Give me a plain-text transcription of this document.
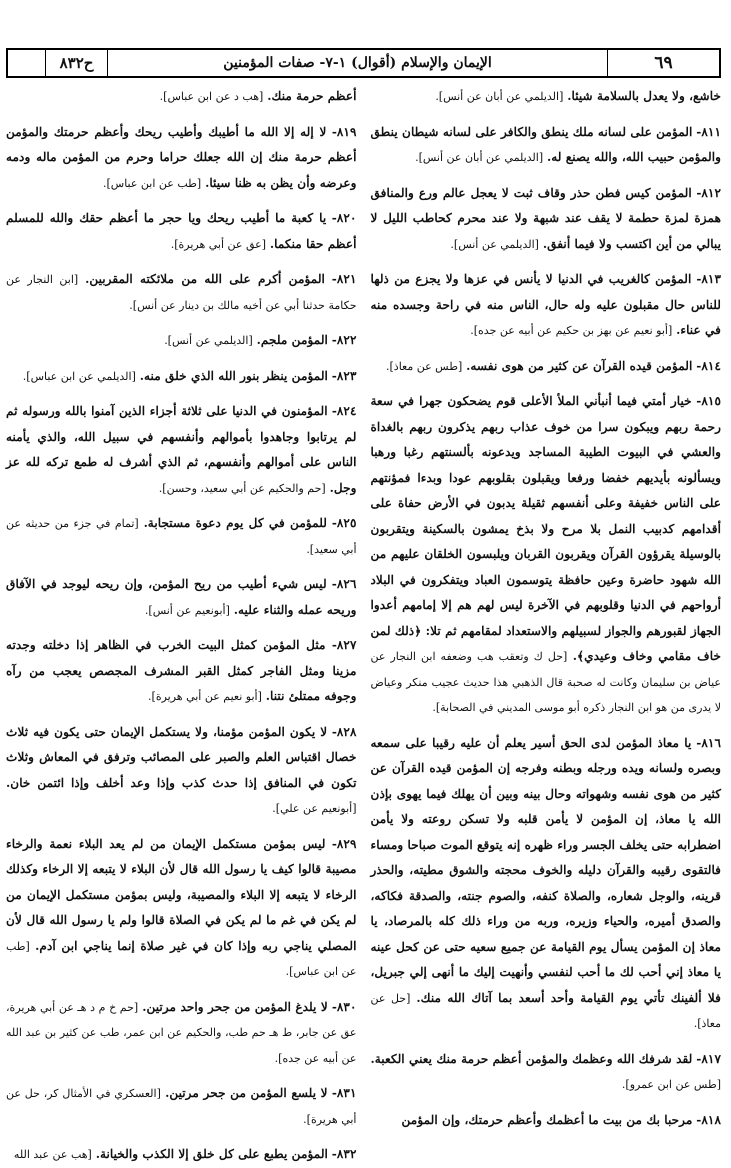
٦٩
الإيمان والإسلام (أقوال) ١-٧- صفات المؤمنين
ح٨٣٢
خاشع، ولا يعدل بالسلامة شيئا. [الديلمي عن أبان عن أنس].
٨١١- المؤمن على لسانه ملك ينطق والكافر على لسانه شيطان ينطق والمؤمن حبيب الله، والله يصنع له. [الديلمي عن أبان عن أنس].
٨١٢- المؤمن كيس فطن حذر وقاف ثبت لا يعجل عالم ورع والمنافق همزة لمزة حطمة لا يقف عند شبهة ولا عند محرم كحاطب الليل لا يبالي من أين اكتسب ولا فيما أنفق. [الديلمي عن أنس].
٨١٣- المؤمن كالغريب في الدنيا لا يأنس في عزها ولا يجزع من ذلها للناس حال مقبلون عليه وله حال، الناس منه في راحة وجسده منه في عناء. [أبو نعيم عن بهز بن حكيم عن أبيه عن جده].
٨١٤- المؤمن قيده القرآن عن كثير من هوى نفسه. [طس عن معاذ].
٨١٥- خيار أمتي فيما أنبأني الملأ الأعلى قوم يضحكون جهرا في سعة رحمة ربهم ويبكون سرا من خوف عذاب ربهم يذكرون ربهم بالغداة والعشي في البيوت الطيبة المساجد ويدعونه بألسنتهم رغبا ورهبا ويسألونه بأيديهم خفضا ورفعا ويقبلون بقلوبهم عودا وبدءا فمؤنتهم على الناس خفيفة وعلى أنفسهم ثقيلة يدبون في الأرض حفاة على أقدامهم كدبيب النمل بلا مرح ولا بذخ يمشون بالسكينة ويتقربون بالوسيلة يقرؤون القرآن ويقربون القربان ويلبسون الخلقان عليهم من الله شهود حاضرة وعين حافظة يتوسمون العباد ويتفكرون في البلاد أرواحهم في الدنيا وقلوبهم في الآخرة ليس لهم هم إلا إمامهم أعدوا الجهاز لقبورهم والجواز لسبيلهم والاستعداد لمقامهم ثم تلا: ﴿ذلك لمن خاف مقامي وخاف وعيدي﴾. [حل ك وتعقب هب وضعفه ابن النجار عن عياض بن سليمان وكانت له صحبة قال الذهبي هذا حديث عجيب منكر وعياض لا يدرى من هو ابن النجار ذكره أبو موسى المديني في الصحابة].
٨١٦- يا معاذ المؤمن لدى الحق أسير يعلم أن عليه رقيبا على سمعه وبصره ولسانه ويده ورجله وبطنه وفرجه إن المؤمن قيده القرآن عن كثير من هوى نفسه وشهواته وحال بينه وبين أن يهلك فيما يهوى بإذن الله يا معاذ، إن المؤمن لا يأمن قلبه ولا تسكن روعته ولا يأمن اضطرابه حتى يخلف الجسر وراء ظهره إنه يتوقع الموت صباحا ومساء فالتقوى رقيبه والقرآن دليله والخوف محجته والشوق مطيته، والحذر قرينه، والوجل شعاره، والصلاة كنفه، والصوم جنته، والصدقة فكاكه، والصدق أميره، والحياء وزيره، وربه من وراء ذلك كله بالمرصاد، يا معاذ إن المؤمن يسأل يوم القيامة عن جميع سعيه حتى عن كحل عينه يا معاذ إني أحب لك ما أحب لنفسي وأنهيت إليك ما أنهى إلي جبريل، فلا ألفينك تأتي يوم القيامة وأحد أسعد بما آتاك الله منك. [حل عن معاذ].
٨١٧- لقد شرفك الله وعظمك والمؤمن أعظم حرمة منك يعني الكعبة. [طس عن ابن عمرو].
٨١٨- مرحبا بك من بيت ما أعظمك وأعظم حرمتك، وإن المؤمن
أعظم حرمة منك. [هب د عن ابن عباس].
٨١٩- لا إله إلا الله ما أطيبك وأطيب ريحك وأعظم حرمتك والمؤمن أعظم حرمة منك إن الله جعلك حراما وحرم من المؤمن ماله ودمه وعرضه وأن يظن به ظنا سيئا. [طب عن ابن عباس].
٨٢٠- يا كعبة ما أطيب ريحك ويا حجر ما أعظم حقك والله للمسلم أعظم حقا منكما. [عق عن أبي هريرة].
٨٢١- المؤمن أكرم على الله من ملائكته المقربين. [ابن النجار عن حكامة حدثنا أبي عن أخيه مالك بن دينار عن أنس].
٨٢٢- المؤمن ملجم. [الديلمي عن أنس].
٨٢٣- المؤمن ينظر بنور الله الذي خلق منه. [الديلمي عن ابن عباس].
٨٢٤- المؤمنون في الدنيا على ثلاثة أجزاء الذين آمنوا بالله ورسوله ثم لم يرتابوا وجاهدوا بأموالهم وأنفسهم في سبيل الله، والذي يأمنه الناس على أموالهم وأنفسهم، ثم الذي أشرف له طمع تركه لله عز وجل. [حم والحكيم عن أبي سعيد، وحسن].
٨٢٥- للمؤمن في كل يوم دعوة مستجابة. [تمام في جزء من حديثه عن أبي سعيد].
٨٢٦- ليس شيء أطيب من ريح المؤمن، وإن ريحه ليوجد في الآفاق وريحه عمله والثناء عليه. [أبونعيم عن أنس].
٨٢٧- مثل المؤمن كمثل البيت الخرب في الظاهر إذا دخلته وجدته مزينا ومثل الفاجر كمثل القبر المشرف المجصص يعجب من رآه وجوفه ممتلئ نتنا. [أبو نعيم عن أبي هريرة].
٨٢٨- لا يكون المؤمن مؤمنا، ولا يستكمل الإيمان حتى يكون فيه ثلاث خصال اقتباس العلم والصبر على المصائب وترفق في المعاش وثلاث تكون في المنافق إذا حدث كذب وإذا وعد أخلف وإذا ائتمن خان. [أبونعيم عن علي].
٨٢٩- ليس بمؤمن مستكمل الإيمان من لم يعد البلاء نعمة والرخاء مصيبة قالوا كيف يا رسول الله قال لأن البلاء لا يتبعه إلا الرخاء وكذلك الرخاء لا يتبعه إلا البلاء والمصيبة، وليس بمؤمن مستكمل الإيمان من لم يكن في غم ما لم يكن في الصلاة قالوا ولم يا رسول الله قال لأن المصلي يناجي ربه وإذا كان في غير صلاة إنما يناجي ابن آدم. [طب عن ابن عباس].
٨٣٠- لا يلدغ المؤمن من جحر واحد مرتين. [حم خ م د هـ عن أبي هريرة، عق عن جابر، ط هـ حم طب، والحكيم عن ابن عمر، طب عن كثير بن عبد الله عن أبيه عن جده].
٨٣١- لا يلسع المؤمن من جحر مرتين. [العسكري في الأمثال كر، حل عن أبي هريرة].
٨٣٢- المؤمن يطبع على كل خلق إلا الكذب والخيانة. [هب عن عبد الله
